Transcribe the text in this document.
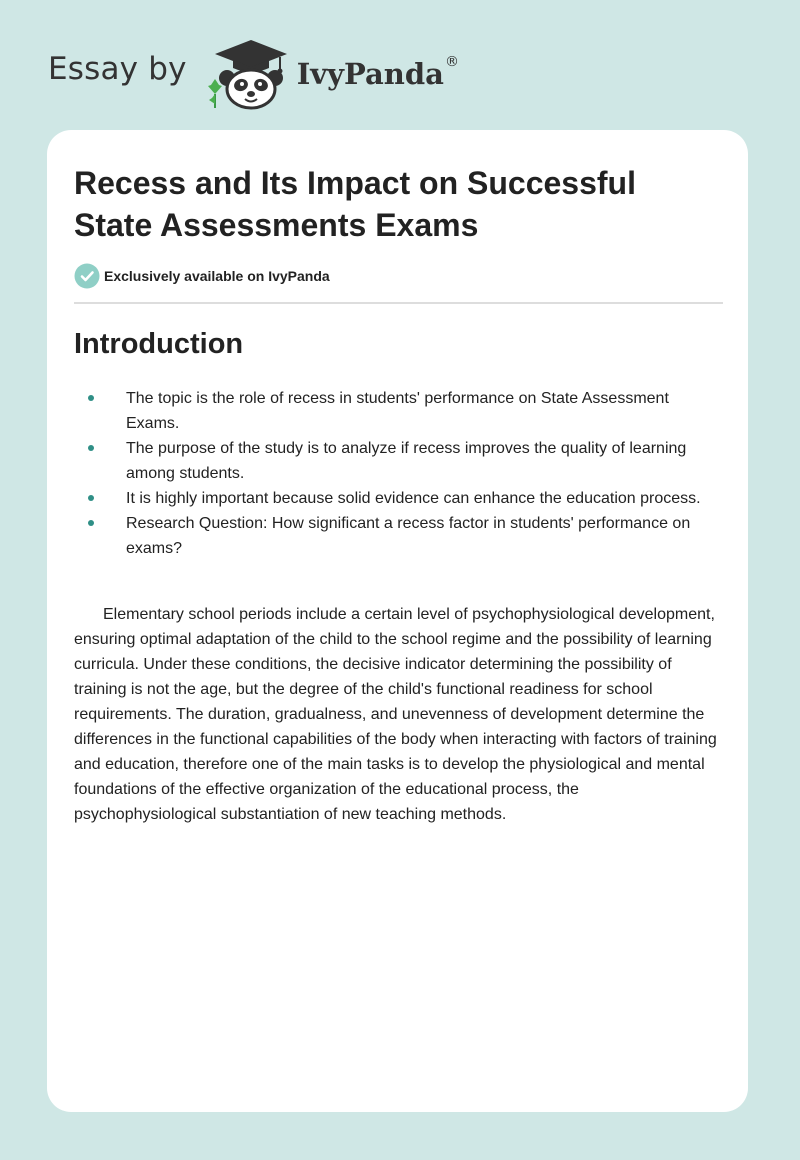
Essay by	IvyPanda ®
Recess and Its Impact on Successful State Assessments Exams
Exclusively available on IvyPanda
Introduction
The topic is the role of recess in students' performance on State Assessment Exams.
The purpose of the study is to analyze if recess improves the quality of learning among students.
It is highly important because solid evidence can enhance the education process.
Research Question: How significant a recess factor in students' performance on exams?

Elementary school periods include a certain level of psychophysiological development, ensuring optimal adaptation of the child to the school regime and the possibility of learning curricula. Under these conditions, the decisive indicator determining the possibility of training is not the age, but the degree of the child's functional readiness for school requirements. The duration, gradualness, and unevenness of development determine the differences in the functional capabilities of the body when interacting with factors of training and education, therefore one of the main tasks is to develop the physiological and mental foundations of the effective organization of the educational process, the psychophysiological substantiation of new teaching methods.
